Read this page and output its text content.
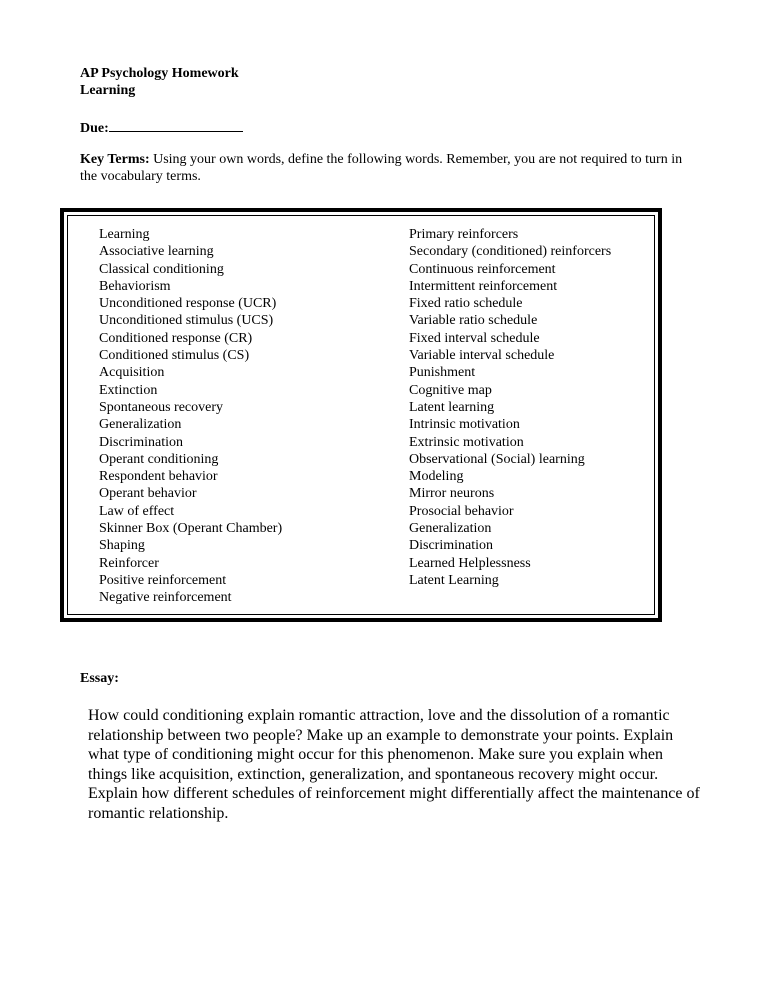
AP Psychology Homework
Learning
Due:
Key Terms: Using your own words, define the following words. Remember, you are not required to turn in the vocabulary terms.
Learning
Associative learning
Classical conditioning
Behaviorism
Unconditioned response (UCR)
Unconditioned stimulus (UCS)
Conditioned response (CR)
Conditioned stimulus (CS)
Acquisition
Extinction
Spontaneous recovery
Generalization
Discrimination
Operant conditioning
Respondent behavior
Operant behavior
Law of effect
Skinner Box (Operant Chamber)
Shaping
Reinforcer
Positive reinforcement
Negative reinforcement
Primary reinforcers
Secondary (conditioned) reinforcers
Continuous reinforcement
Intermittent reinforcement
Fixed ratio schedule
Variable ratio schedule
Fixed interval schedule
Variable interval schedule
Punishment
Cognitive map
Latent learning
Intrinsic motivation
Extrinsic motivation
Observational (Social) learning
Modeling
Mirror neurons
Prosocial behavior
Generalization
Discrimination
Learned Helplessness
Latent Learning
Essay:
How could conditioning explain romantic attraction, love and the dissolution of a romantic relationship between two people? Make up an example to demonstrate your points. Explain what type of conditioning might occur for this phenomenon. Make sure you explain when things like acquisition, extinction, generalization, and spontaneous recovery might occur. Explain how different schedules of reinforcement might differentially affect the maintenance of romantic relationship.
